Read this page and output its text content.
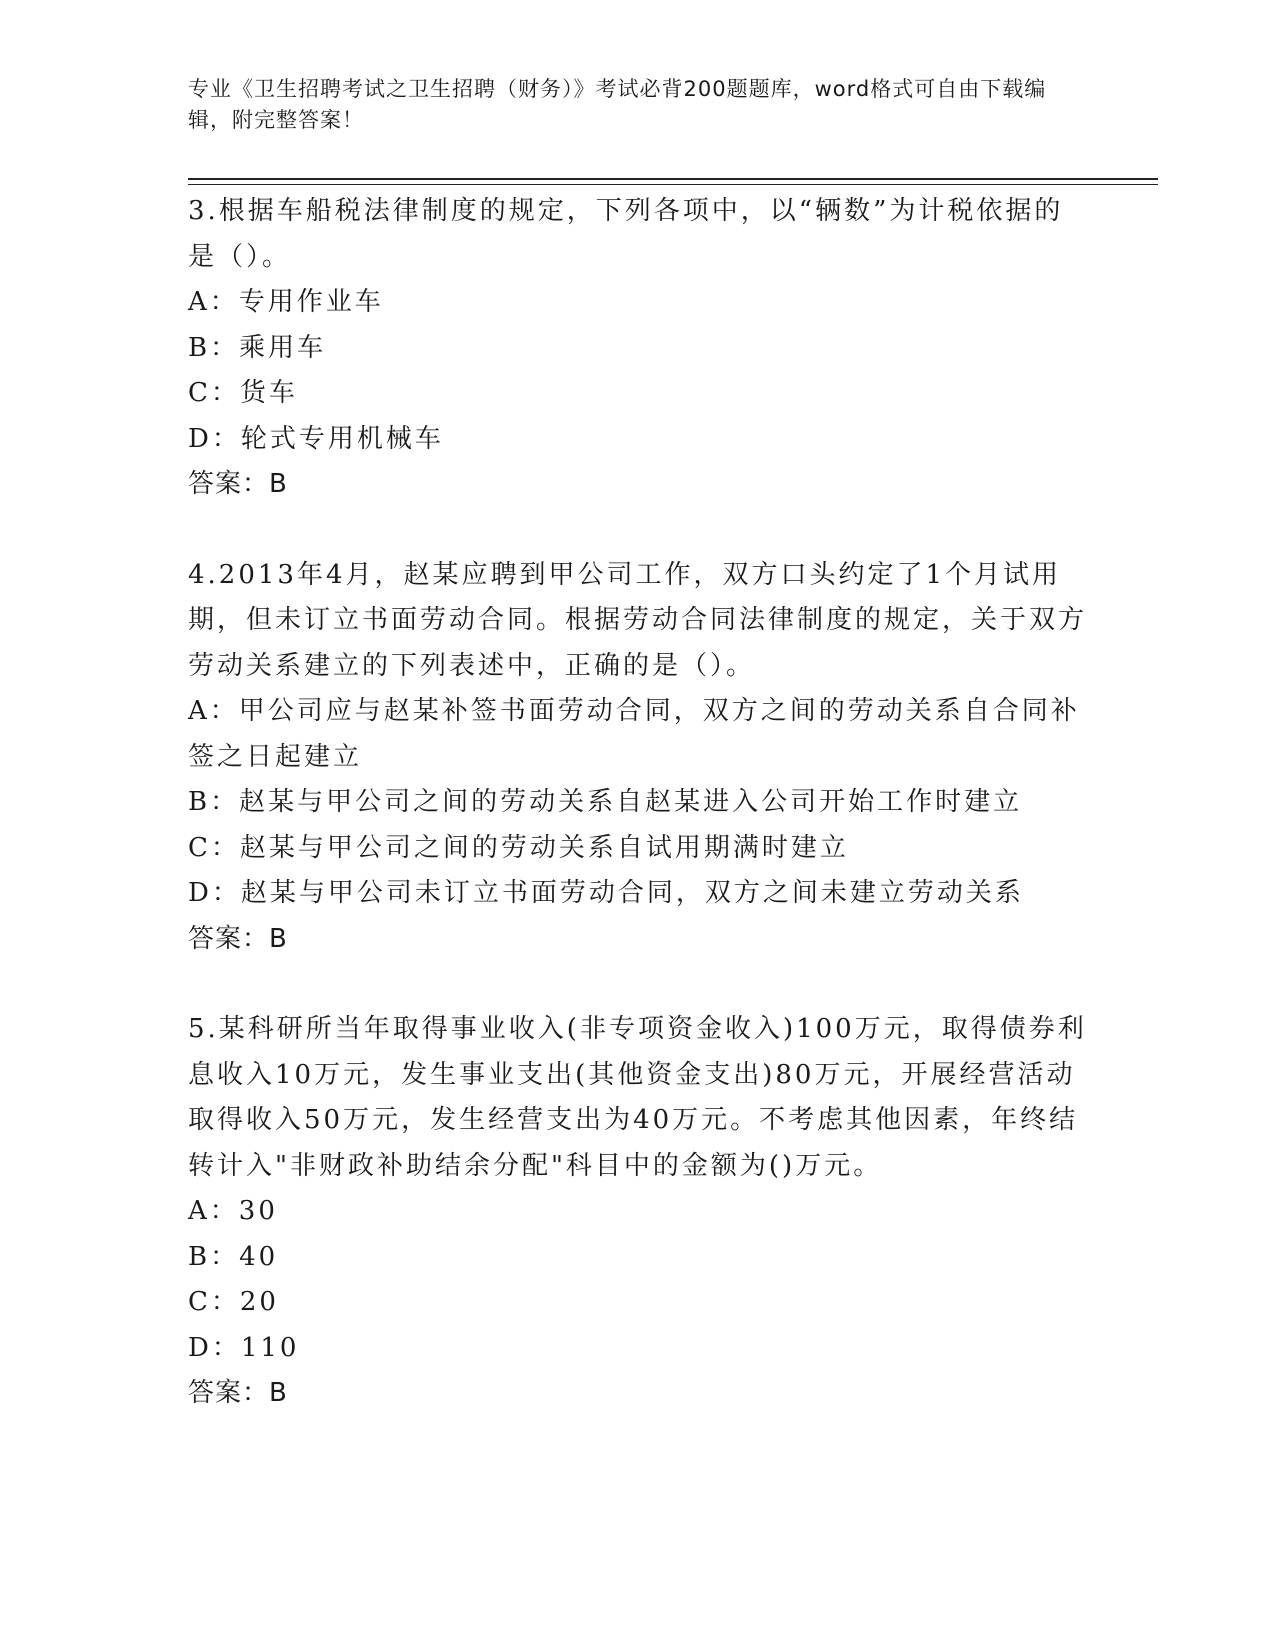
专业《卫生招聘考试之卫生招聘（财务）》考试必背200题题库，word格式可自由下载编辑，附完整答案！

3.根据车船税法律制度的规定，下列各项中，以“辆数”为计税依据的是（）。

A：专用作业车

B：乘用车

C：货车

D：轮式专用机械车

答案：B

4.2013年4月，赵某应聘到甲公司工作，双方口头约定了1个月试用期，但未订立书面劳动合同。根据劳动合同法律制度的规定，关于双方劳动关系建立的下列表述中，正确的是（）。

A：甲公司应与赵某补签书面劳动合同，双方之间的劳动关系自合同补签之日起建立

B：赵某与甲公司之间的劳动关系自赵某进入公司开始工作时建立

C：赵某与甲公司之间的劳动关系自试用期满时建立

D：赵某与甲公司未订立书面劳动合同，双方之间未建立劳动关系

答案：B

5.某科研所当年取得事业收入(非专项资金收入)100万元，取得债券利息收入10万元，发生事业支出(其他资金支出)80万元，开展经营活动取得收入50万元，发生经营支出为40万元。不考虑其他因素，年终结转计入"非财政补助结余分配"科目中的金额为()万元。

A：30

B：40

C：20

D：110

答案：B
